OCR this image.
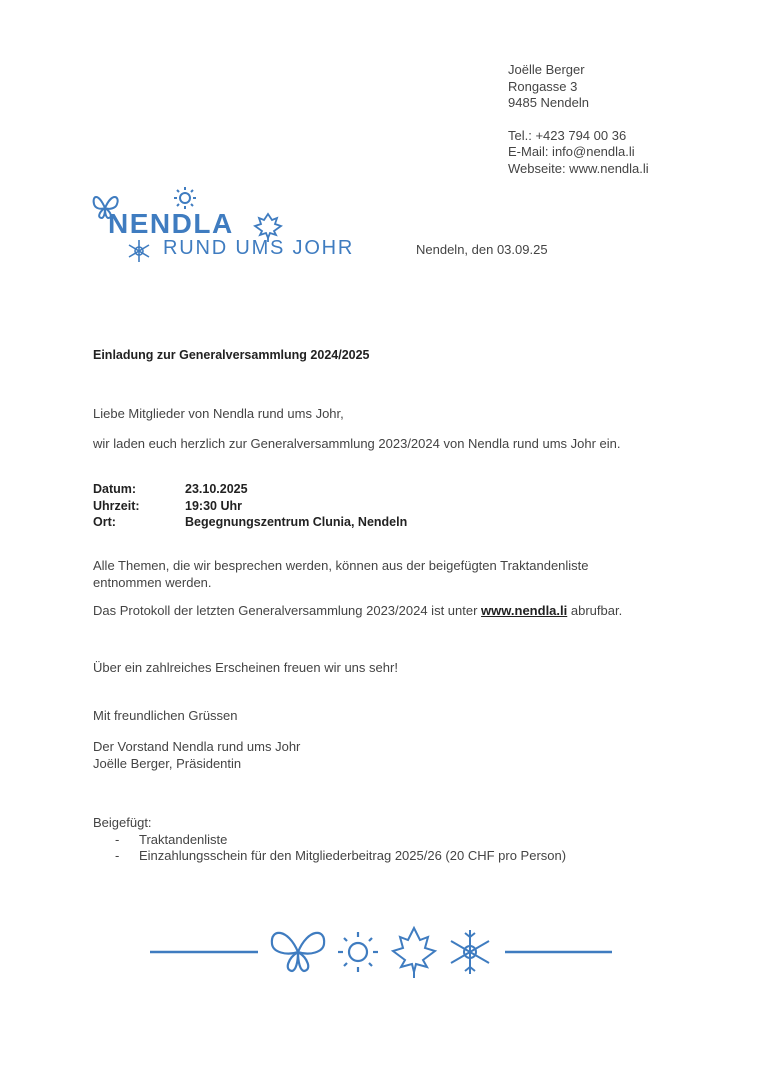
Joëlle Berger
Rongasse 3
9485 Nendeln
Tel.: +423 794 00 36
E-Mail: info@nendla.li
Webseite: www.nendla.li
NENDLA
RUND UMS JOHR	Nendeln, den 03.09.25
Einladung zur Generalversammlung 2024/2025
Liebe Mitglieder von Nendla rund ums Johr,
wir laden euch herzlich zur Generalversammlung 2023/2024 von Nendla rund ums Johr ein.
Datum:	23.10.2025
Uhrzeit:	19:30 Uhr
Ort:	Begegnungszentrum Clunia, Nendeln
Alle Themen, die wir besprechen werden, können aus der beigefügten Traktandenliste entnommen werden.
Das Protokoll der letzten Generalversammlung 2023/2024 ist unter www.nendla.li abrufbar.
Über ein zahlreiches Erscheinen freuen wir uns sehr!
Mit freundlichen Grüssen
Der Vorstand Nendla rund ums Johr
Joëlle Berger, Präsidentin
Beigefügt:
-	Traktandenliste
-	Einzahlungsschein für den Mitgliederbeitrag 2025/26 (20 CHF pro Person)
